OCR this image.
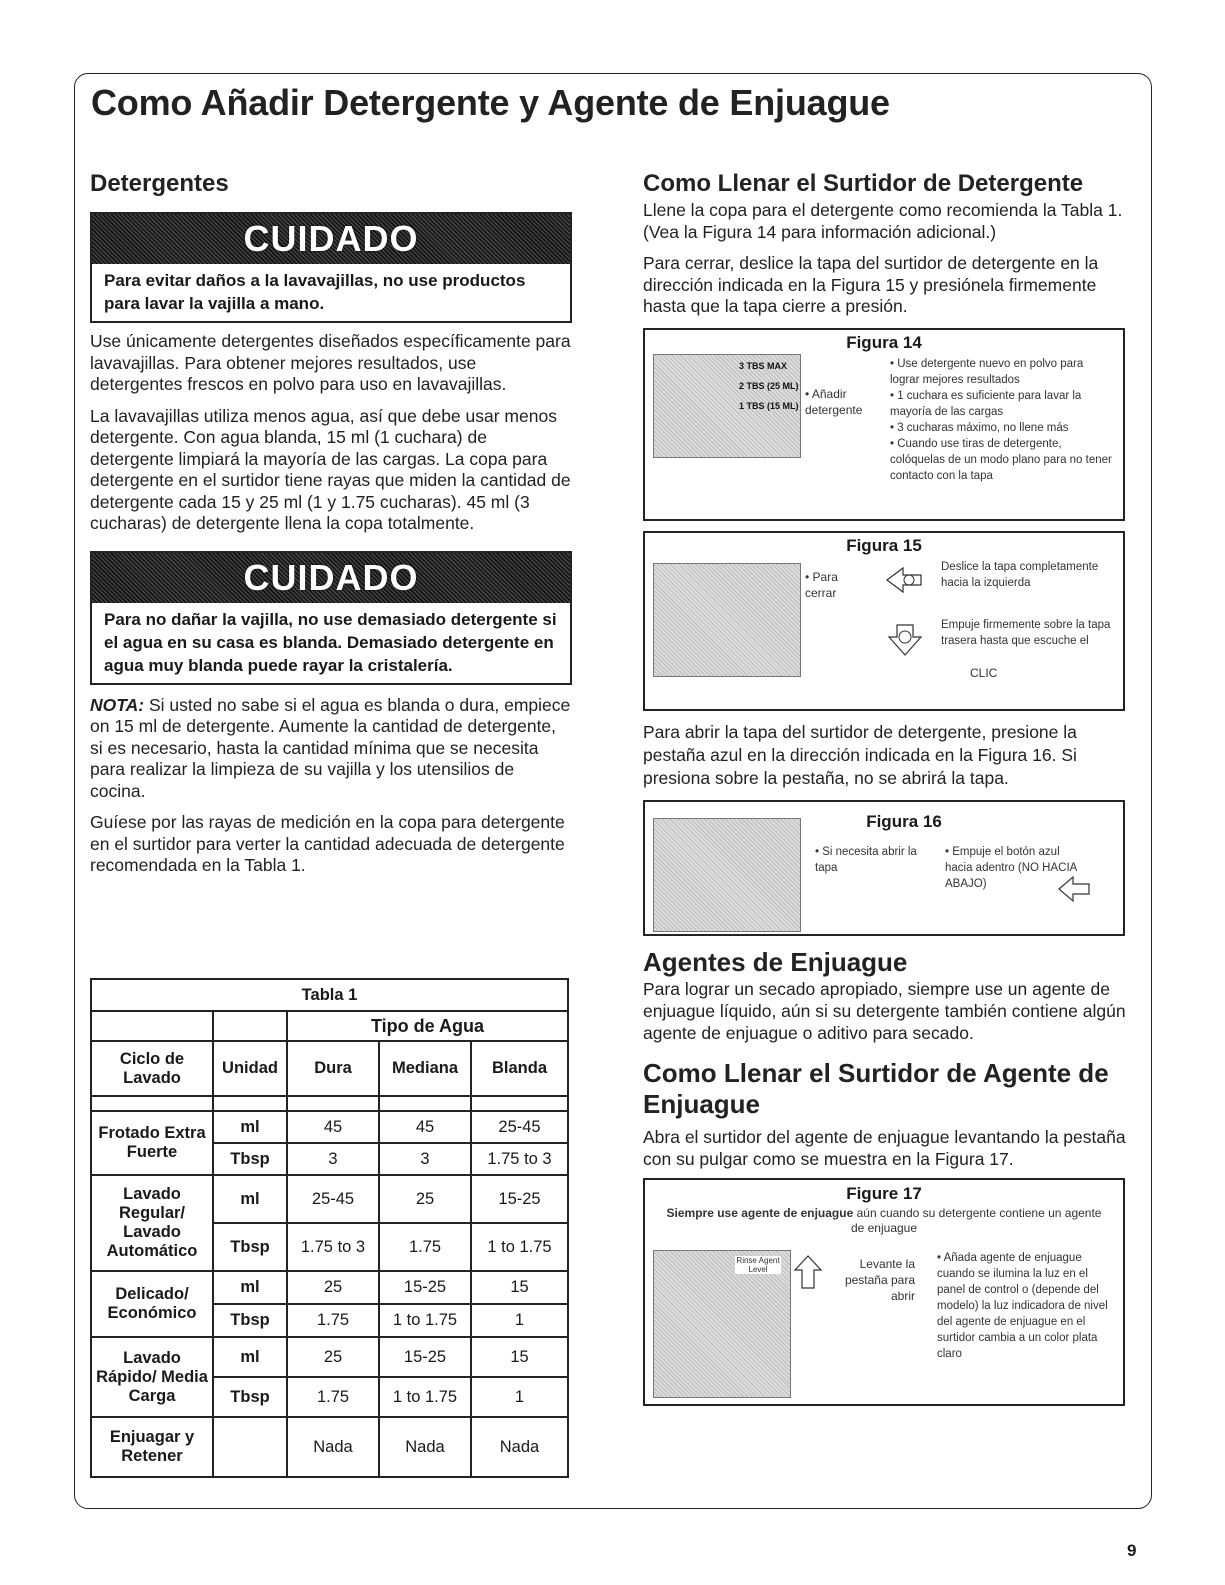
Como Añadir Detergente y Agente de Enjuague
Detergentes
CUIDADO
Para evitar daños a la lavavajillas, no use productos para lavar la vajilla a mano.

Use únicamente detergentes diseñados específicamente para lavavajillas. Para obtener mejores resultados, use detergentes frescos en polvo para uso en lavavajillas.

La lavavajillas utiliza menos agua, así que debe usar menos detergente. Con agua blanda, 15 ml (1 cuchara) de detergente limpiará la mayoría de las cargas. La copa para detergente en el surtidor tiene rayas que miden la cantidad de detergente cada 15 y 25 ml (1 y 1.75 cucharas). 45 ml (3 cucharas) de detergente llena la copa totalmente.

CUIDADO
Para no dañar la vajilla, no use demasiado detergente si el agua en su casa es blanda. Demasiado detergente en agua muy blanda puede rayar la cristalería.

NOTA: Si usted no sabe si el agua es blanda o dura, empiece on 15 ml de detergente. Aumente la cantidad de detergente, si es necesario, hasta la cantidad mínima que se necesita para realizar la limpieza de su vajilla y los utensilios de cocina.

Guíese por las rayas de medición en la copa para detergente en el surtidor para verter la cantidad adecuada de detergente recomendada en la Tabla 1.

Tabla 1				
		Tipo de Agua		
Ciclo de Lavado	Unidad	Dura	Mediana	Blanda

Frotado Extra Fuerte	ml	45	45	25-45
	Tbsp	3	3	1.75 to 3
Lavado Regular/ Lavado Automático	ml	25-45	25	15-25
	Tbsp	1.75 to 3	1.75	1 to 1.75
Delicado/ Económico	ml	25	15-25	15
	Tbsp	1.75	1 to 1.75	1
Lavado Rápido/ Media Carga	ml	25	15-25	15
	Tbsp	1.75	1 to 1.75	1
Enjuagar y Retener		Nada	Nada	Nada
Como Llenar el Surtidor de Detergente

Llene la copa para el detergente como recomienda la Tabla 1. (Vea la Figura 14 para información adicional.)

Para cerrar, deslice la tapa del surtidor de detergente en la dirección indicada en la Figura 15 y presiónela firmemente hasta que la tapa cierre a presión.

Figura 14
3 TBS MAX
2 TBS (25 ML)
1 TBS (15 ML)
• Añadir detergente
• Use detergente nuevo en polvo para lograr mejores resultados
• 1 cuchara es suficiente para lavar la mayoría de las cargas
• 3 cucharas máximo, no llene más
• Cuando use tiras de detergente, colóquelas de un modo plano para no tener contacto con la tapa
Figura 15
• Para cerrar
Deslice la tapa completamente hacia la izquierda
Empuje firmemente sobre la tapa trasera hasta que escuche el
CLIC

Para abrir la tapa del surtidor de detergente, presione la pestaña azul en la dirección indicada en la Figura 16. Si presiona sobre la pestaña, no se abrirá la tapa.

Figura 16
• Si necesita abrir la tapa
• Empuje el botón azul hacia adentro (NO HACIA ABAJO)
Agentes de Enjuague

Para lograr un secado apropiado, siempre use un agente de enjuague líquido, aún si su detergente también contiene algún agente de enjuague o aditivo para secado.

Como Llenar el Surtidor de Agente de Enjuague

Abra el surtidor del agente de enjuague levantando la pestaña con su pulgar como se muestra en la Figura 17.

Figure 17
Siempre use agente de enjuague aún cuando su detergente contiene un agente de enjuague
Rinse Agent Level	Levante la pestaña para abrir
• Añada agente de enjuague cuando se ilumina la luz en el panel de control o (depende del modelo) la luz indicadora de nivel del agente de enjuague en el surtidor cambia a un color plata claro
9
